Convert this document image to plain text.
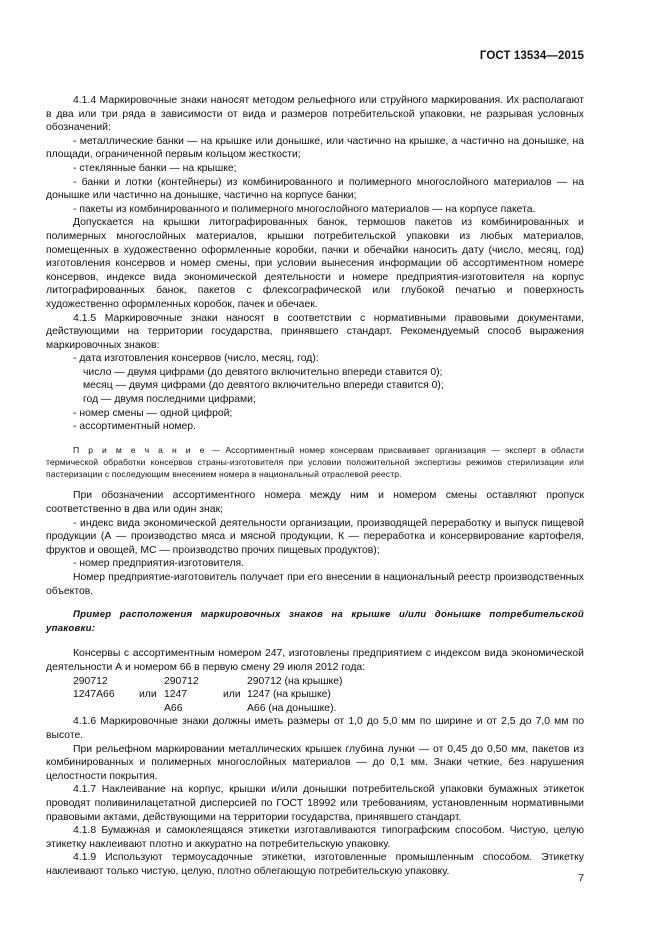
ГОСТ 13534—2015

4.1.4 Маркировочные знаки наносят методом рельефного или струйного маркирования. Их располагают в два или три ряда в зависимости от вида и размеров потребительской упаковки, не разрывая условных обозначений:

- металлические банки — на крышке или донышке, или частично на крышке, а частично на донышке, на площади, ограниченной первым кольцом жесткости;

- стеклянные банки — на крышке;

- банки и лотки (контейнеры) из комбинированного и полимерного многослойного материалов — на донышке или частично на донышке, частично на корпусе банки;

- пакеты из комбинированного и полимерного многослойного материалов — на корпусе пакета.

Допускается на крышки литографированных банок, термошов пакетов из комбинированных и полимерных многослойных материалов, крышки потребительской упаковки из любых материалов, помещенных в художественно оформленные коробки, пачки и обечайки наносить дату (число, месяц, год) изготовления консервов и номер смены, при условии вынесения информации об ассортиментном номере консервов, индексе вида экономической деятельности и номере предприятия-изготовителя на корпус литографированных банок, пакетов с флексографической или глубокой печатью и поверхность художественно оформленных коробок, пачек и обечаек.

4.1.5 Маркировочные знаки наносят в соответствии с нормативными правовыми документами, действующими на территории государства, принявшего стандарт. Рекомендуемый способ выражения маркировочных знаков:

- дата изготовления консервов (число, месяц, год):

число — двумя цифрами (до девятого включительно впереди ставится 0);

месяц — двумя цифрами (до девятого включительно впереди ставится 0);

год — двумя последними цифрами;

- номер смены — одной цифрой;

- ассортиментный номер.

П р и м е ч а н и е — Ассортиментный номер консервам присваивает организация — эксперт в области термической обработки консервов страны-изготовителя при условии положительной экспертизы режимов стерилизации или пастеризации с последующим внесением номера в национальный отраслевой реестр.

При обозначении ассортиментного номера между ним и номером смены оставляют пропуск соответственно в два или один знак;

- индекс вида экономической деятельности организации, производящей переработку и выпуск пищевой продукции (А — производство мяса и мясной продукции, К — переработка и консервирование картофеля, фруктов и овощей, МС — производство прочих пищевых продуктов);

- номер предприятия-изготовителя.

Номер предприятие-изготовитель получает при его внесении в национальный реестр производственных объектов.

Пример расположения маркировочных знаков на крышке и/или донышке потребительской упаковки:

Консервы с ассортиментным номером 247, изготовлены предприятием с индексом вида экономической деятельности А и номером 66 в первую смену 29 июля 2012 года:

290712		290712		290712 (на крышке)
1247А66	или	1247	или	1247 (на крышке)
		А66		А66 (на донышке).

4.1.6 Маркировочные знаки должны иметь размеры от 1,0 до 5,0 мм по ширине и от 2,5 до 7,0 мм по высоте.

При рельефном маркировании металлических крышек глубина лунки — от 0,45 до 0,50 мм, пакетов из комбинированных и полимерных многослойных материалов — до 0,1 мм. Знаки четкие, без нарушения целостности покрытия.

4.1.7 Наклеивание на корпус, крышки и/или донышки потребительской упаковки бумажных этикеток проводят поливинилацетатной дисперсией по ГОСТ 18992 или требованиям, установленным нормативными правовыми актами, действующими на территории государства, принявшего стандарт.

4.1.8 Бумажная и самоклеящаяся этикетки изготавливаются типографским способом. Чистую, целую этикетку наклеивают плотно и аккуратно на потребительскую упаковку.

4.1.9 Используют термоусадочные этикетки, изготовленные промышленным способом. Этикетку наклеивают только чистую, целую, плотно облегающую потребительскую упаковку.

7
